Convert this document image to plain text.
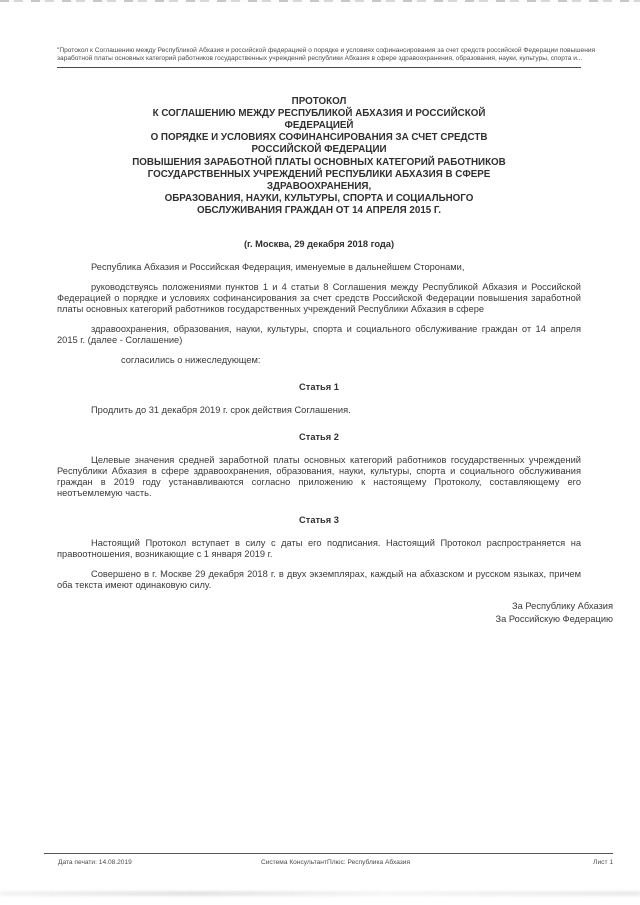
"Протокол к Соглашению между Республикой Абхазия и российской федерацией о порядке и условиях софинансирования за счет средств российской Федерации повышения
заработной платы основных категорий работников государственных учреждений республики Абхазия в сфере здравоохранения, образования, науки, культуры, спорта и...
ПРОТОКОЛ
К СОГЛАШЕНИЮ МЕЖДУ РЕСПУБЛИКОЙ АБХАЗИЯ И РОССИЙСКОЙ
ФЕДЕРАЦИЕЙ
О ПОРЯДКЕ И УСЛОВИЯХ СОФИНАНСИРОВАНИЯ ЗА СЧЕТ СРЕДСТВ
РОССИЙСКОЙ ФЕДЕРАЦИИ
ПОВЫШЕНИЯ ЗАРАБОТНОЙ ПЛАТЫ ОСНОВНЫХ КАТЕГОРИЙ РАБОТНИКОВ
ГОСУДАРСТВЕННЫХ УЧРЕЖДЕНИЙ РЕСПУБЛИКИ АБХАЗИЯ В СФЕРЕ
ЗДРАВООХРАНЕНИЯ,
ОБРАЗОВАНИЯ, НАУКИ, КУЛЬТУРЫ, СПОРТА И СОЦИАЛЬНОГО
ОБСЛУЖИВАНИЯ ГРАЖДАН ОТ 14 АПРЕЛЯ 2015 Г.
(г. Москва, 29 декабря 2018 года)

Республика Абхазия и Российская Федерация, именуемые в дальнейшем Сторонами,

руководствуясь положениями пунктов 1 и 4 статьи 8 Соглашения между Республикой Абхазия и Российской Федерацией о порядке и условиях софинансирования за счет средств Российской Федерации повышения заработной платы основных категорий работников государственных учреждений Республики Абхазия в сфере

здравоохранения, образования, науки, культуры, спорта и социального обслуживание граждан от 14 апреля 2015 г. (далее - Соглашение)

согласились о нижеследующем:

Статья 1

Продлить до 31 декабря 2019 г. срок действия Соглашения.

Статья 2

Целевые значения средней заработной платы основных категорий работников государственных учреждений Республики Абхазия в сфере здравоохранения, образования, науки, культуры, спорта и социального обслуживания граждан в 2019 году устанавливаются согласно приложению к настоящему Протоколу, составляющему его неотъемлемую часть.

Статья 3

Настоящий Протокол вступает в силу с даты его подписания. Настоящий Протокол распространяется на правоотношения, возникающие с 1 января 2019 г.

Совершено в г. Москве 29 декабря 2018 г. в двух экземплярах, каждый на абхазском и русском языках, причем оба текста имеют одинаковую силу.

За Республику Абхазия
За Российскую Федерацию
Дата печати: 14.08.2019	Система КонсультантПлюс: Республика Абхазия	Лист 1
